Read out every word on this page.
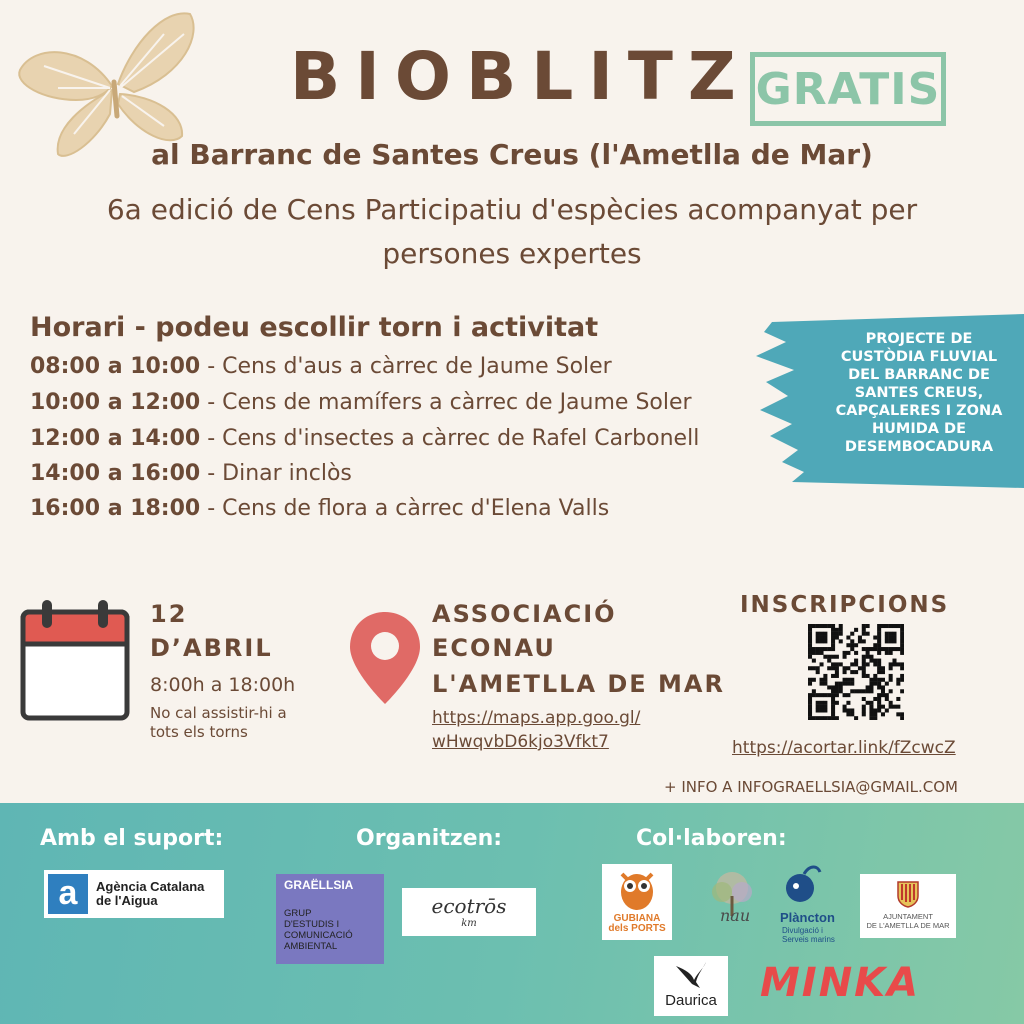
BIOBLITZ GRATIS
al Barranc de Santes Creus (l'Ametlla de Mar)
6a edició de Cens Participatiu d'espècies acompanyat per
persones expertes
Horari - podeu escollir torn i activitat
08:00 a 10:00 - Cens d'aus a càrrec de Jaume Soler
10:00 a 12:00 - Cens de mamífers a càrrec de Jaume Soler
12:00 a 14:00 - Cens d'insectes a càrrec de Rafel Carbonell
14:00 a 16:00 - Dinar inclòs
16:00 a 18:00 - Cens de flora a càrrec d'Elena Valls
PROJECTE DE
CUSTÒDIA FLUVIAL
DEL BARRANC DE
SANTES CREUS,
CAPÇALERES I ZONA
HUMIDA DE
DESEMBOCADURA
12
D’ABRIL
8:00h a 18:00h
No cal assistir-hi a
tots els torns
ASSOCIACIÓ
ECONAU
L'AMETLLA DE MAR
https://maps.app.goo.gl/
wHwqvbD6kjo3Vfkt7
INSCRIPCIONS
https://acortar.link/fZcwcZ
+ INFO A INFOGRAELLSIA@GMAIL.COM
Amb el suport:	Organitzen:	Col·laboren:
a	Agència Catalana
de l'Aigua
GRAËLLSIA
GRUP
D'ESTUDIS I
COMUNICACIÓ
AMBIENTAL
ecotrōs
km	GUBIANA
dels PORTS
nau Plàncton
Divulgació i
Serveis marins
AJUNTAMENT
DE L'AMETLLA DE MAR
Daurica MINKA
